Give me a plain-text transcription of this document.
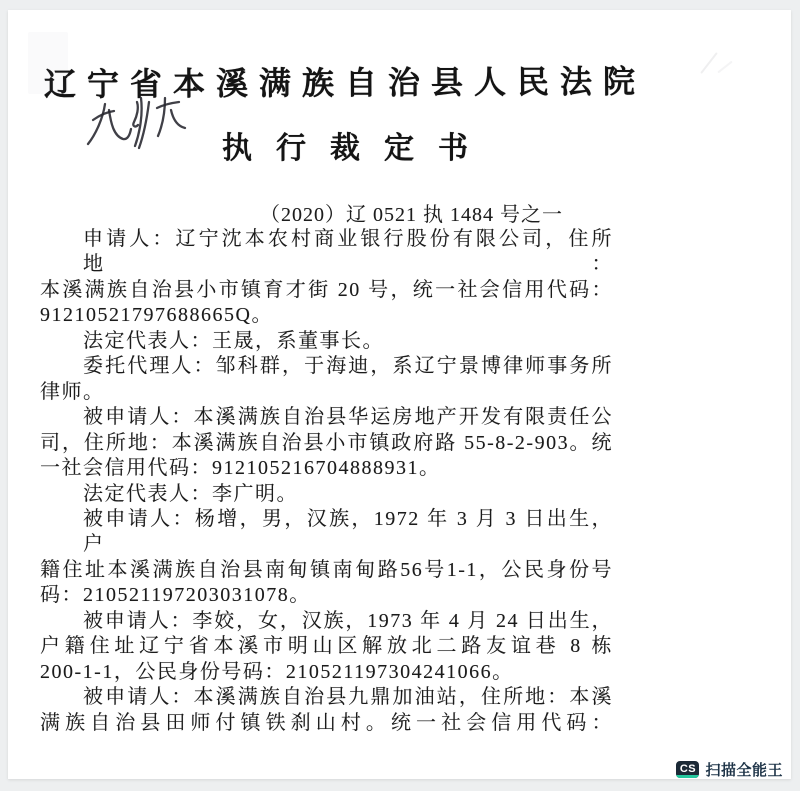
辽宁省本溪满族自治县人民法院
执行裁定书
（2020）辽 0521 执 1484 号之一
申请人：辽宁沈本农村商业银行股份有限公司，住所地：
本溪满族自治县小市镇育才街 20 号，统一社会信用代码：
91210521797688665Q。
法定代表人：王晟，系董事长。
委托代理人：邹科群，于海迪，系辽宁景博律师事务所
律师。
被申请人：本溪满族自治县华运房地产开发有限责任公
司，住所地：本溪满族自治县小市镇政府路 55-8-2-903。统
一社会信用代码：912105216704888931。
法定代表人：李广明。
被申请人：杨增，男，汉族，1972 年 3 月 3 日出生，户
籍住址本溪满族自治县南甸镇南甸路56号1-1，公民身份号
码：210521197203031078。
被申请人：李姣，女，汉族，1973 年 4 月 24 日出生，
户籍住址辽宁省本溪市明山区解放北二路友谊巷 8 栋
200-1-1，公民身份号码：210521197304241066。
被申请人：本溪满族自治县九鼎加油站，住所地：本溪
满族自治县田师付镇铁刹山村。统一社会信用代码：
CS 扫描全能王
